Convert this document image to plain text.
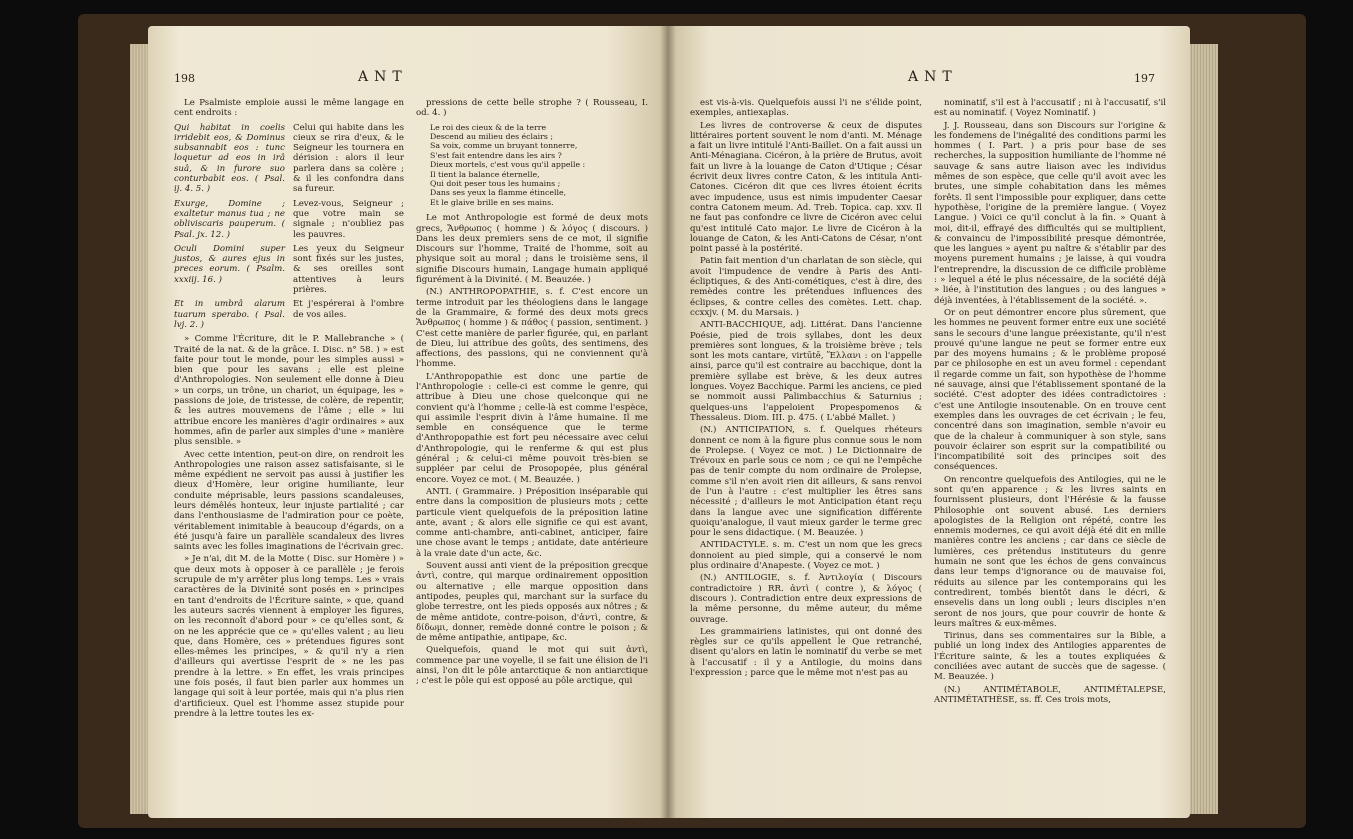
198	ANT

Le Psalmiste emploie aussi le même langage en cent endroits :

Qui habitat in coelis irridebit eos, & Dominus subsannabit eos : tunc loquetur ad eos in irâ suâ, & in furore suo conturbabit eos. ( Psal. ij. 4. 5. )
Celui qui habite dans les cieux se rira d'eux, & le Seigneur les tournera en dérision : alors il leur parlera dans sa colère ; & il les confondra dans sa fureur.
Exurge, Domine ; exaltetur manus tua ; ne obliviscaris pauperum. ( Psal. jx. 12. )
Levez-vous, Seigneur ; que votre main se signale ; n'oubliez pas les pauvres.
Oculi Domini super justos, & aures ejus in preces eorum. ( Psalm. xxxiij. 16. )
Les yeux du Seigneur sont fixés sur les justes, & ses oreilles sont attentives à leurs prières.
Et in umbrâ alarum tuarum sperabo. ( Psal. lvj. 2. )
Et j'espérerai à l'ombre de vos ailes.

» Comme l'Écriture, dit le P. Mallebranche » ( Traité de la nat. & de la grâce. I. Disc. n° 58. ) » est faite pour tout le monde, pour les simples aussi » bien que pour les savans ; elle est pleine d'Anthropologies. Non seulement elle donne à Dieu » un corps, un trône, un chariot, un équipage, les » passions de joie, de tristesse, de colère, de repentir, & les autres mouvemens de l'âme ; elle » lui attribue encore les manières d'agir ordinaires » aux hommes, afin de parler aux simples d'une » manière plus sensible. »

Avec cette intention, peut-on dire, on rendroit les Anthropologies une raison assez satisfaisante, si le même expédient ne servoit pas aussi à justifier les dieux d'Homère, leur origine humiliante, leur conduite méprisable, leurs passions scandaleuses, leurs démêlés honteux, leur injuste partialité ; car dans l'enthousiasme de l'admiration pour ce poète, véritablement inimitable à beaucoup d'égards, on a été jusqu'à faire un parallèle scandaleux des livres saints avec les folles imaginations de l'écrivain grec.

» Je n'ai, dit M. de la Motte ( Disc. sur Homère ) » que deux mots à opposer à ce parallèle ; je ferois scrupule de m'y arrêter plus long temps. Les » vrais caractères de la Divinité sont posés en » principes en tant d'endroits de l'Écriture sainte, » que, quand les auteurs sacrés viennent à employer les figures, on les reconnoît d'abord pour » ce qu'elles sont, & on ne les apprécie que ce » qu'elles valent ; au lieu que, dans Homère, ces » prétendues figures sont elles-mêmes les principes, » & qu'il n'y a rien d'ailleurs qui avertisse l'esprit de » ne les pas prendre à la lettre. » En effet, les vrais principes une fois posés, il faut bien parler aux hommes un langage qui soit à leur portée, mais qui n'a plus rien d'artificieux. Quel est l'homme assez stupide pour prendre à la lettre toutes les ex-

pressions de cette belle strophe ? ( Rousseau, I. od. 4. )

Le roi des cieux & de la terre
Descend au milieu des éclairs ;
Sa voix, comme un bruyant tonnerre,
S'est fait entendre dans les airs ?
Dieux mortels, c'est vous qu'il appelle :
Il tient la balance éternelle,
Qui doit peser tous les humains ;
Dans ses yeux la flamme étincelle,
Et le glaive brille en ses mains.

Le mot Anthropologie est formé de deux mots grecs, Ἄνθρωπος ( homme ) & λόγος ( discours. ) Dans les deux premiers sens de ce mot, il signifie Discours sur l'homme, Traité de l'homme, soit au physique soit au moral ; dans le troisième sens, il signifie Discours humain, Langage humain appliqué figurément à la Divinité. ( M. Beauzée. )

(N.) ANTHROPOPATHIE, s. f. C'est encore un terme introduit par les théologiens dans le langage de la Grammaire, & formé des deux mots grecs Ἄνθρωπος ( homme ) & πάθος ( passion, sentiment. ) C'est cette manière de parler figurée, qui, en parlant de Dieu, lui attribue des goûts, des sentimens, des affections, des passions, qui ne conviennent qu'à l'homme.

L'Anthropopathie est donc une partie de l'Anthropologie : celle-ci est comme le genre, qui attribue à Dieu une chose quelconque qui ne convient qu'à l'homme ; celle-là est comme l'espèce, qui assimile l'esprit divin à l'âme humaine. Il me semble en conséquence que le terme d'Anthropopathie est fort peu nécessaire avec celui d'Anthropologie, qui le renferme & qui est plus général ; & celui-ci même pouvoit très-bien se suppléer par celui de Prosopopée, plus général encore. Voyez ce mot. ( M. Beauzée. )

ANTI. ( Grammaire. ) Préposition inséparable qui entre dans la composition de plusieurs mots ; cette particule vient quelquefois de la préposition latine ante, avant ; & alors elle signifie ce qui est avant, comme anti-chambre, anti-cabinet, anticiper, faire une chose avant le temps ; antidate, date antérieure à la vraie date d'un acte, &c.

Souvent aussi anti vient de la préposition grecque ἀντὶ, contre, qui marque ordinairement opposition ou alternative ; elle marque opposition dans antipodes, peuples qui, marchant sur la surface du globe terrestre, ont les pieds opposés aux nôtres ; & de même antidote, contre-poison, d'ἀντὶ, contre, & δίδωμι, donner, remède donné contre le poison ; & de même antipathie, antipape, &c.

Quelquefois, quand le mot qui suit ἀντὶ, commence par une voyelle, il se fait une élision de l'i ainsi, l'on dit le pôle antarctique & non antiarctique ; c'est le pôle qui est opposé au pôle arctique, qui

ANT	197

est vis-à-vis. Quelquefois aussi l'i ne s'élide point, exemples, antiexaplas.

Les livres de controverse & ceux de disputes littéraires portent souvent le nom d'anti. M. Ménage a fait un livre intitulé l'Anti-Baillet. On a fait aussi un Anti-Ménagiana. Cicéron, à la prière de Brutus, avoit fait un livre à la louange de Caton d'Utique ; César écrivit deux livres contre Caton, & les intitula Anti-Catones. Cicéron dit que ces livres étoient écrits avec impudence, usus est nimis impudenter Caesar contra Catonem meum. Ad. Treb. Topica. cap. xxv. Il ne faut pas confondre ce livre de Cicéron avec celui qu'est intitulé Cato major. Le livre de Cicéron à la louange de Caton, & les Anti-Catons de César, n'ont point passé à la postérité.

Patin fait mention d'un charlatan de son siècle, qui avoit l'impudence de vendre à Paris des Anti-écliptiques, & des Anti-cométiques, c'est à dire, des remèdes contre les prétendues influences des éclipses, & contre celles des comètes. Lett. chap. ccxxjv. ( M. du Marsais. )

ANTI-BACCHIQUE, adj. Littérat. Dans l'ancienne Poésie, pied de trois syllabes, dont les deux premières sont longues, & la troisième brève ; tels sont les mots cantare, virtūtē, Ἕλλανι : on l'appelle ainsi, parce qu'il est contraire au bacchique, dont la première syllabe est brève, & les deux autres longues. Voyez Bacchique. Parmi les anciens, ce pied se nommoit aussi Palimbacchius & Saturnius ; quelques-uns l'appeloient Propespomenos & Thessaleus. Diom. III. p. 475. ( L'abbé Mallet. )

(N.) ANTICIPATION, s. f. Quelques rhéteurs donnent ce nom à la figure plus connue sous le nom de Prolepse. ( Voyez ce mot. ) Le Dictionnaire de Trévoux en parle sous ce nom ; ce qui ne l'empêche pas de tenir compte du nom ordinaire de Prolepse, comme s'il n'en avoit rien dit ailleurs, & sans renvoi de l'un à l'autre : c'est multiplier les êtres sans nécessité ; d'ailleurs le mot Anticipation étant reçu dans la langue avec une signification différente quoiqu'analogue, il vaut mieux garder le terme grec pour le sens didactique. ( M. Beauzée. )

ANTIDACTYLE. s. m. C'est un nom que les grecs donnoient au pied simple, qui a conservé le nom plus ordinaire d'Anapeste. ( Voyez ce mot. )

(N.) ANTILOGIE, s. f. Ἀντιλογία ( Discours contradictoire ) RR. ἀντὶ ( contre ), & λόγος ( discours ). Contradiction entre deux expressions de la même personne, du même auteur, du même ouvrage.

Les grammairiens latinistes, qui ont donné des règles sur ce qu'ils appellent le Que retranché, disent qu'alors en latin le nominatif du verbe se met à l'accusatif : il y a Antilogie, du moins dans l'expression ; parce que le même mot n'est pas au

nominatif, s'il est à l'accusatif ; ni à l'accusatif, s'il est au nominatif. ( Voyez Nominatif. )

J. J. Rousseau, dans son Discours sur l'origine & les fondemens de l'inégalité des conditions parmi les hommes ( I. Part. ) a pris pour base de ses recherches, la supposition humiliante de l'homme né sauvage & sans autre liaison avec les individus mêmes de son espèce, que celle qu'il avoit avec les brutes, une simple cohabitation dans les mêmes forêts. Il sent l'impossible pour expliquer, dans cette hypothèse, l'origine de la première langue. ( Voyez Langue. ) Voici ce qu'il conclut à la fin. » Quant à moi, dit-il, effrayé des difficultés qui se multiplient, & convaincu de l'impossibilité presque démontrée, que les langues » ayent pu naître & s'établir par des moyens purement humains ; je laisse, à qui voudra l'entreprendre, la discussion de ce difficile problème : » lequel a été le plus nécessaire, de la société déjà » liée, à l'institution des langues ; ou des langues » déjà inventées, à l'établissement de la société. ».

Or on peut démontrer encore plus sûrement, que les hommes ne peuvent former entre eux une société sans le secours d'une langue préexistante, qu'il n'est prouvé qu'une langue ne peut se former entre eux par des moyens humains ; & le problème proposé par ce philosophe en est un aveu formel : cependant il regarde comme un fait, son hypothèse de l'homme né sauvage, ainsi que l'établissement spontané de la société. C'est adopter des idées contradictoires : c'est une Antilogie insoutenable. On en trouve cent exemples dans les ouvrages de cet écrivain ; le feu, concentré dans son imagination, semble n'avoir eu que de la chaleur à communiquer à son style, sans pouvoir éclairer son esprit sur la compatibilité ou l'incompatibilité soit des principes soit des conséquences.

On rencontre quelquefois des Antilogies, qui ne le sont qu'en apparence ; & les livres saints en fournissent plusieurs, dont l'Hérésie & la fausse Philosophie ont souvent abusé. Les derniers apologistes de la Religion ont répété, contre les ennemis modernes, ce qui avoit déjà été dit en mille manières contre les anciens ; car dans ce siècle de lumières, ces prétendus instituteurs du genre humain ne sont que les échos de gens convaincus dans leur temps d'ignorance ou de mauvaise foi, réduits au silence par les contemporains qui les contredirent, tombés bientôt dans le décri, & ensevelis dans un long oubli ; leurs disciples n'en seront de nos jours, que pour couvrir de honte & leurs maîtres & eux-mêmes.

Tirinus, dans ses commentaires sur la Bible, a publié un long index des Antilogies apparentes de l'Écriture sainte, & les a toutes expliquées & conciliées avec autant de succès que de sagesse. ( M. Beauzée. )

(N.) ANTIMÉTABOLE, ANTIMÉTALEPSE, ANTIMÉTATHÈSE, ss. ff. Ces trois mots,
